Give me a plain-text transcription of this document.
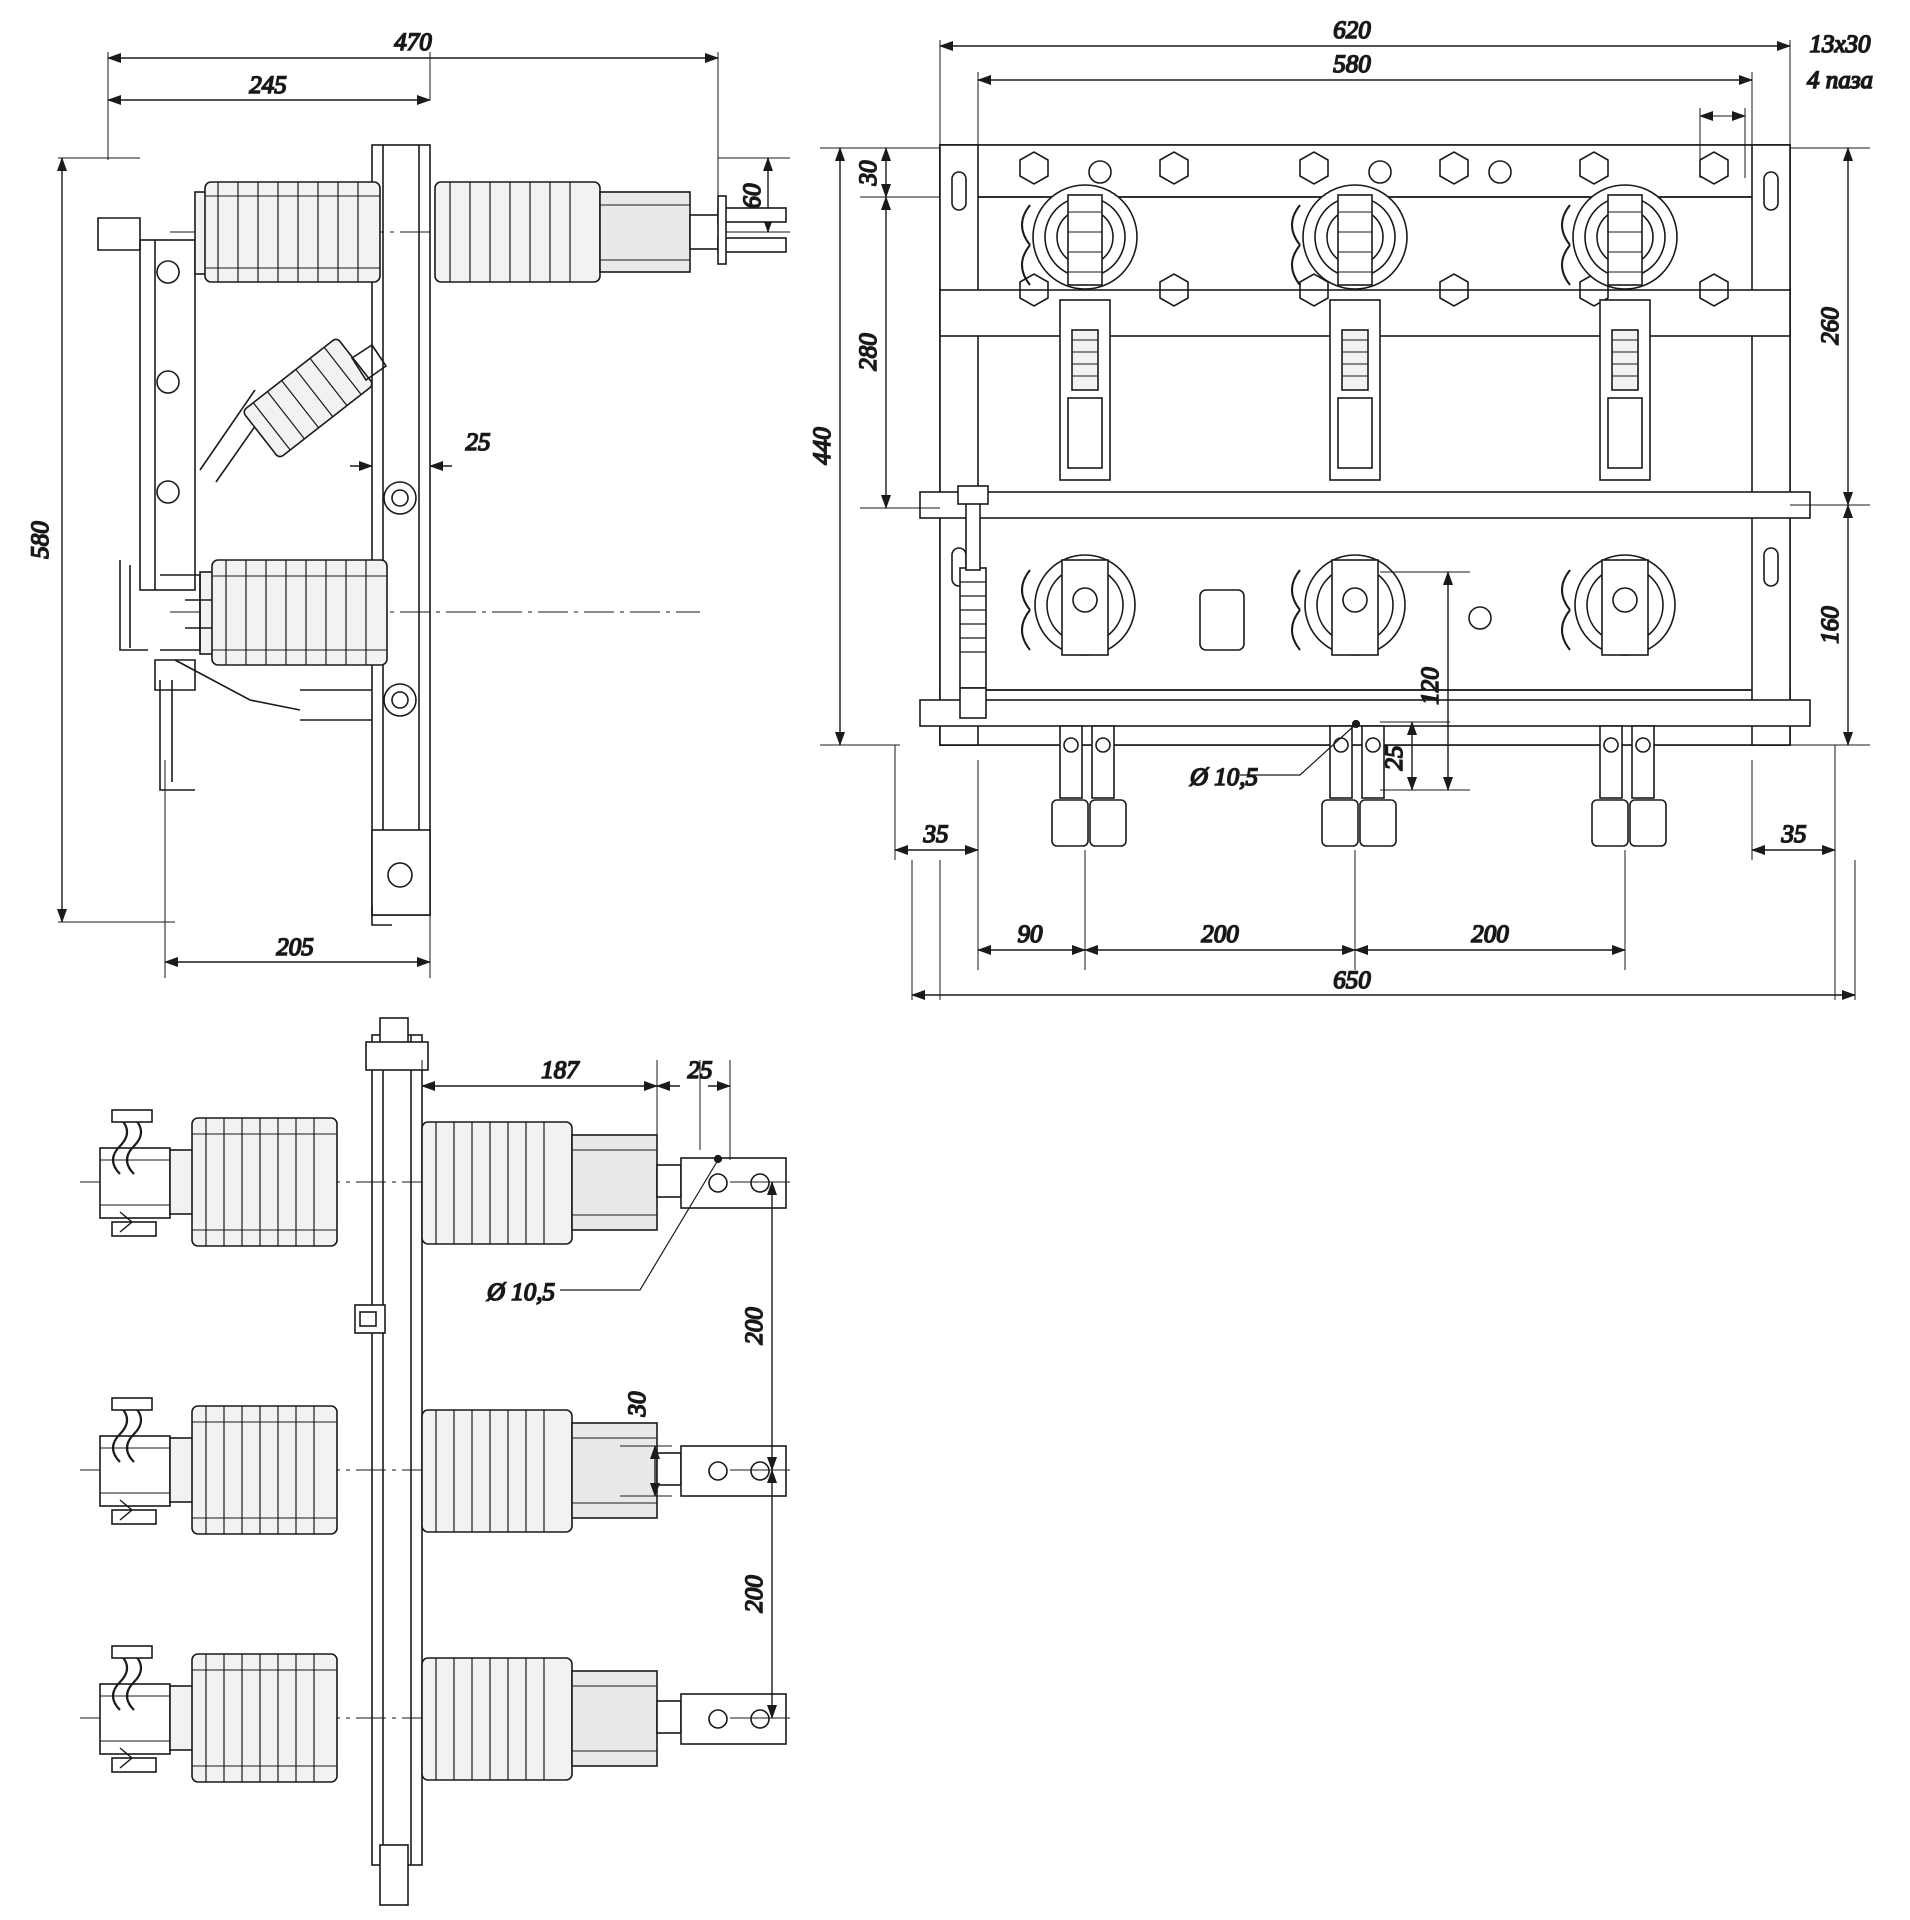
470
245
60
580
205
25
620
580
13х30
4 паза
30
280
440
260
160
120
25
Ø 10,5
35	35
90	200	200
650
187	25
Ø 10,5
200
200
30
